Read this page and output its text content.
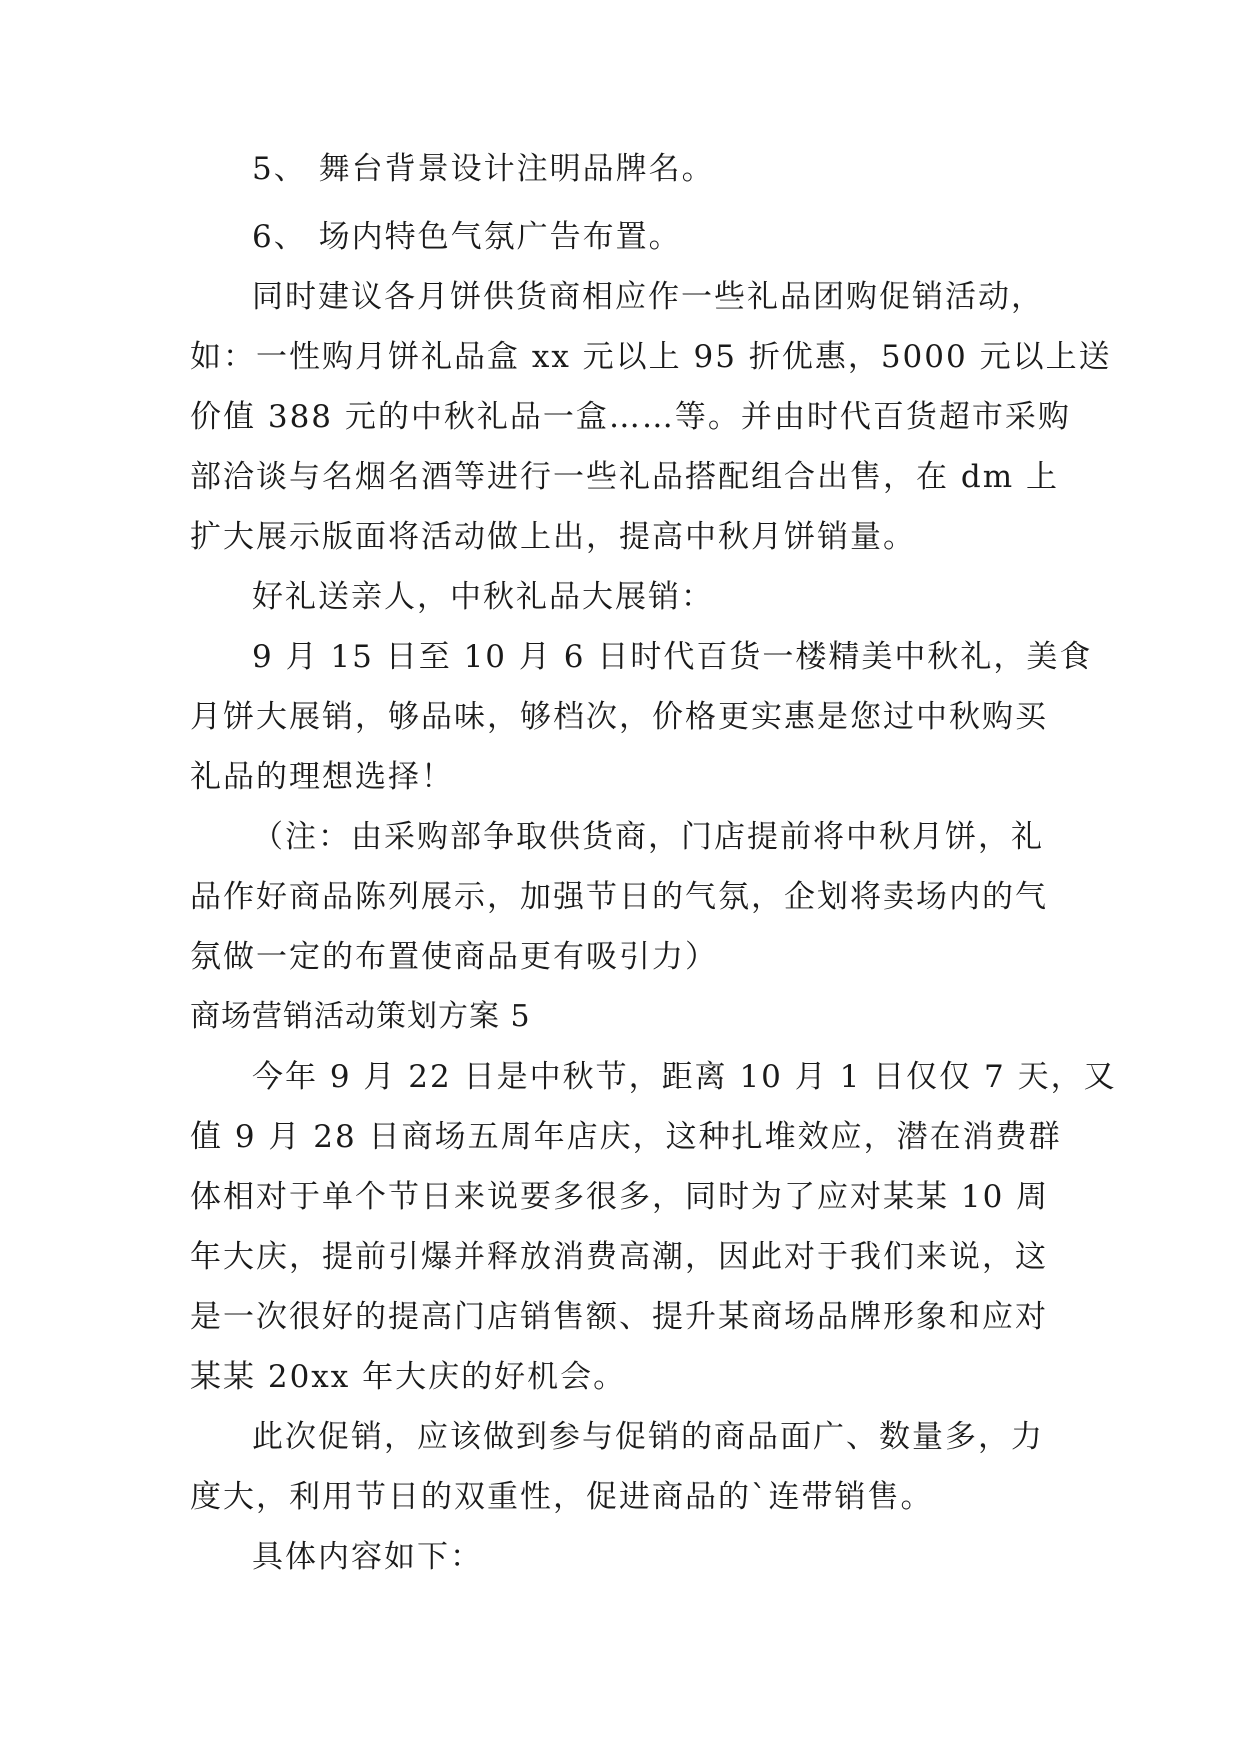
5、 舞台背景设计注明品牌名。
6、 场内特色气氛广告布置。
同时建议各月饼供货商相应作一些礼品团购促销活动，
如：一性购月饼礼品盒 xx 元以上 95 折优惠，5000 元以上送
价值 388 元的中秋礼品一盒……等。并由时代百货超市采购
部洽谈与名烟名酒等进行一些礼品搭配组合出售，在 dm 上
扩大展示版面将活动做上出，提高中秋月饼销量。
好礼送亲人，中秋礼品大展销：
9 月 15 日至 10 月 6 日时代百货一楼精美中秋礼，美食
月饼大展销，够品味，够档次，价格更实惠是您过中秋购买
礼品的理想选择！
（注：由采购部争取供货商，门店提前将中秋月饼，礼
品作好商品陈列展示，加强节日的气氛，企划将卖场内的气
氛做一定的布置使商品更有吸引力）
商场营销活动策划方案 5
今年 9 月 22 日是中秋节，距离 10 月 1 日仅仅 7 天，又
值 9 月 28 日商场五周年店庆，这种扎堆效应，潜在消费群
体相对于单个节日来说要多很多，同时为了应对某某 10 周
年大庆，提前引爆并释放消费高潮，因此对于我们来说，这
是一次很好的提高门店销售额、提升某商场品牌形象和应对
某某 20xx 年大庆的好机会。
此次促销，应该做到参与促销的商品面广、数量多，力
度大，利用节日的双重性，促进商品的`连带销售。
具体内容如下：
